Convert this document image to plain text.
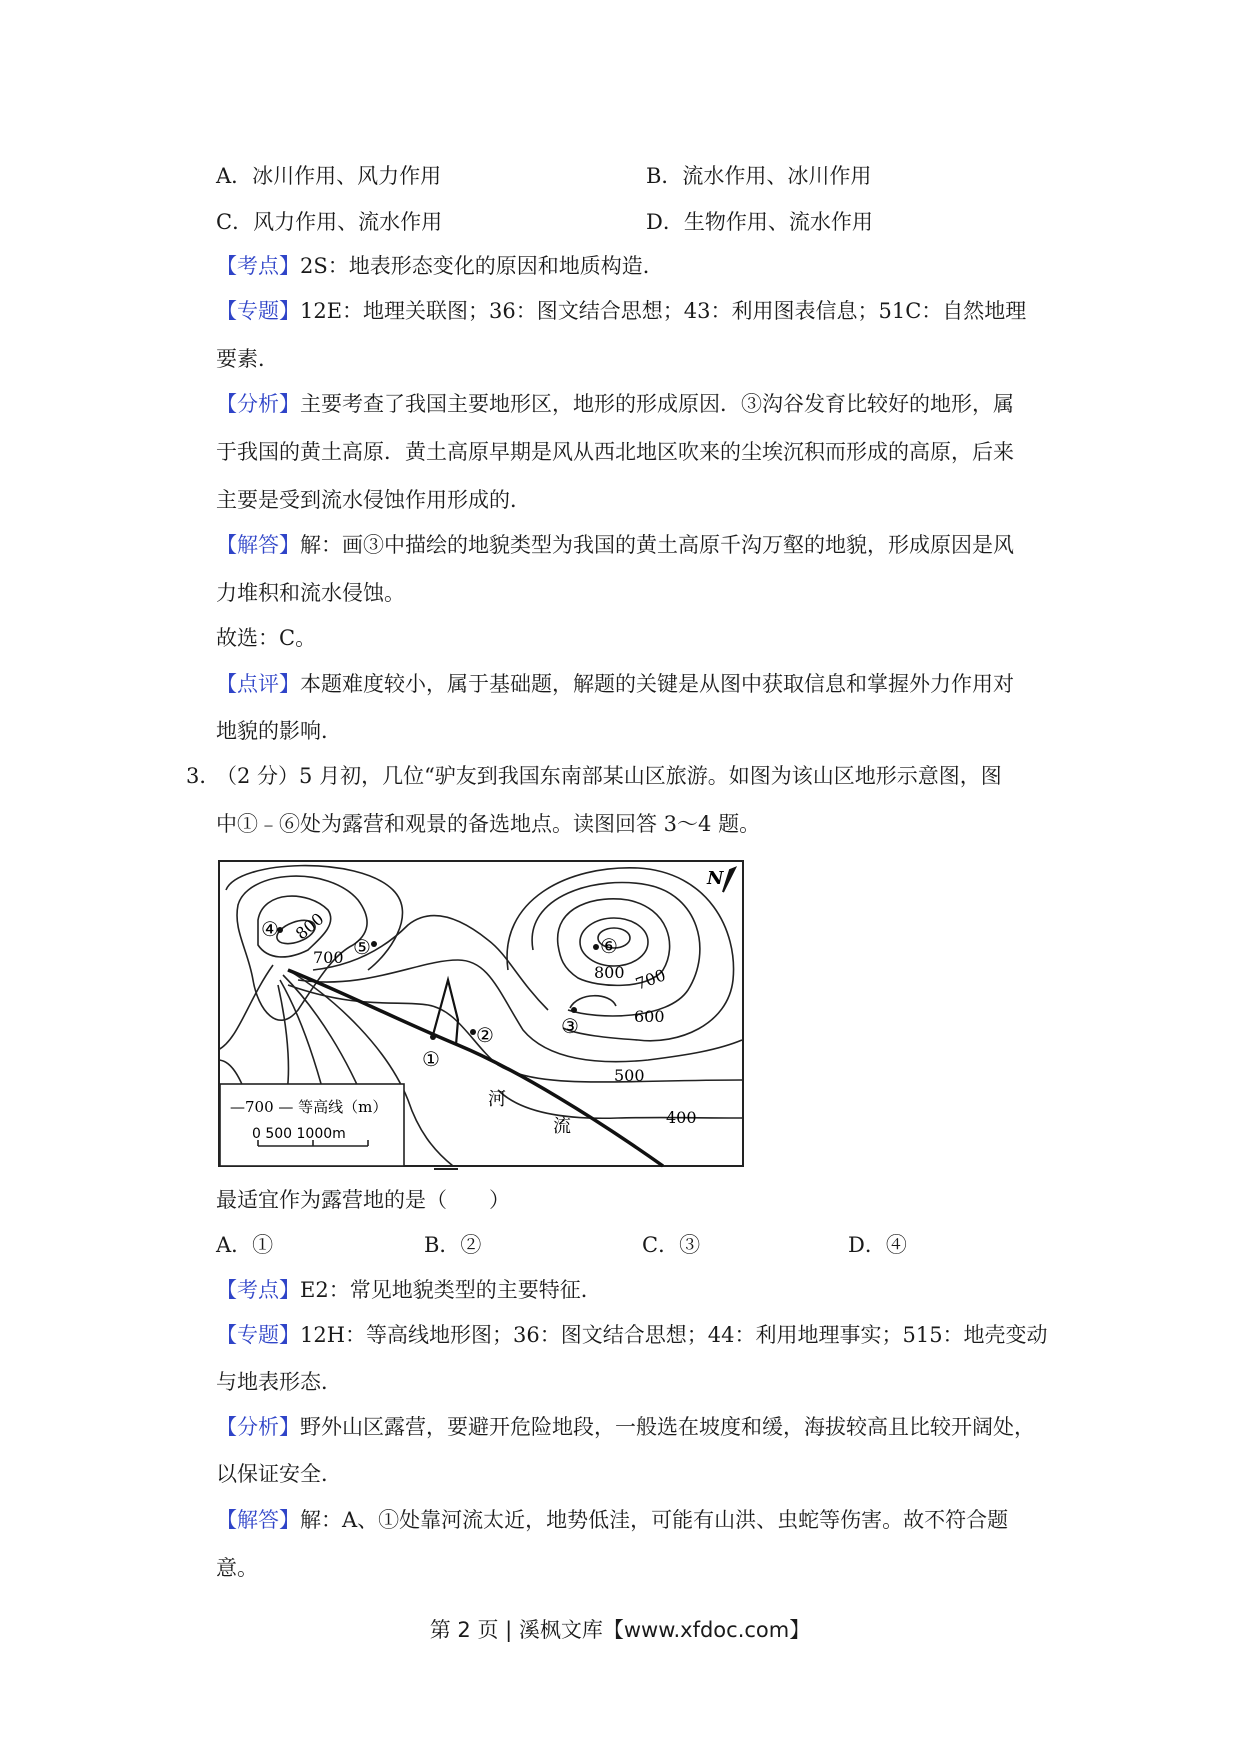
A．冰川作用、风力作用	B．流水作用、冰川作用
C．风力作用、流水作用	D．生物作用、流水作用
【考点】2S：地表形态变化的原因和地质构造．
【专题】12E：地理关联图；36：图文结合思想；43：利用图表信息；51C：自然地理
要素．
【分析】主要考查了我国主要地形区，地形的形成原因．③沟谷发育比较好的地形，属
于我国的黄土高原．黄土高原早期是风从西北地区吹来的尘埃沉积而形成的高原，后来
主要是受到流水侵蚀作用形成的．
【解答】解：画③中描绘的地貌类型为我国的黄土高原千沟万壑的地貌，形成原因是风
力堆积和流水侵蚀。
故选：C。
【点评】本题难度较小，属于基础题，解题的关键是从图中获取信息和掌握外力作用对
地貌的影响．
3．
（2 分）5 月初，几位“驴友到我国东南部某山区旅游。如图为该山区地形示意图，图
中①﹣⑥处为露营和观景的备选地点。读图回答 3～4 题。
①
②	③
④
⑤	⑥
800
700
800 700
600
500
400
河
流
N
—700 — 等高线（m）
0 500 1000m
最适宜作为露营地的是（　　）
A．①	B．②	C．③	D．④
【考点】E2：常见地貌类型的主要特征．
【专题】12H：等高线地形图；36：图文结合思想；44：利用地理事实；515：地壳变动
与地表形态．
【分析】野外山区露营，要避开危险地段，一般选在坡度和缓，海拔较高且比较开阔处，
以保证安全．
【解答】解：A、①处靠河流太近，地势低洼，可能有山洪、虫蛇等伤害。故不符合题
意。
第 2 页 | 溪枫文库【www.xfdoc.com】
